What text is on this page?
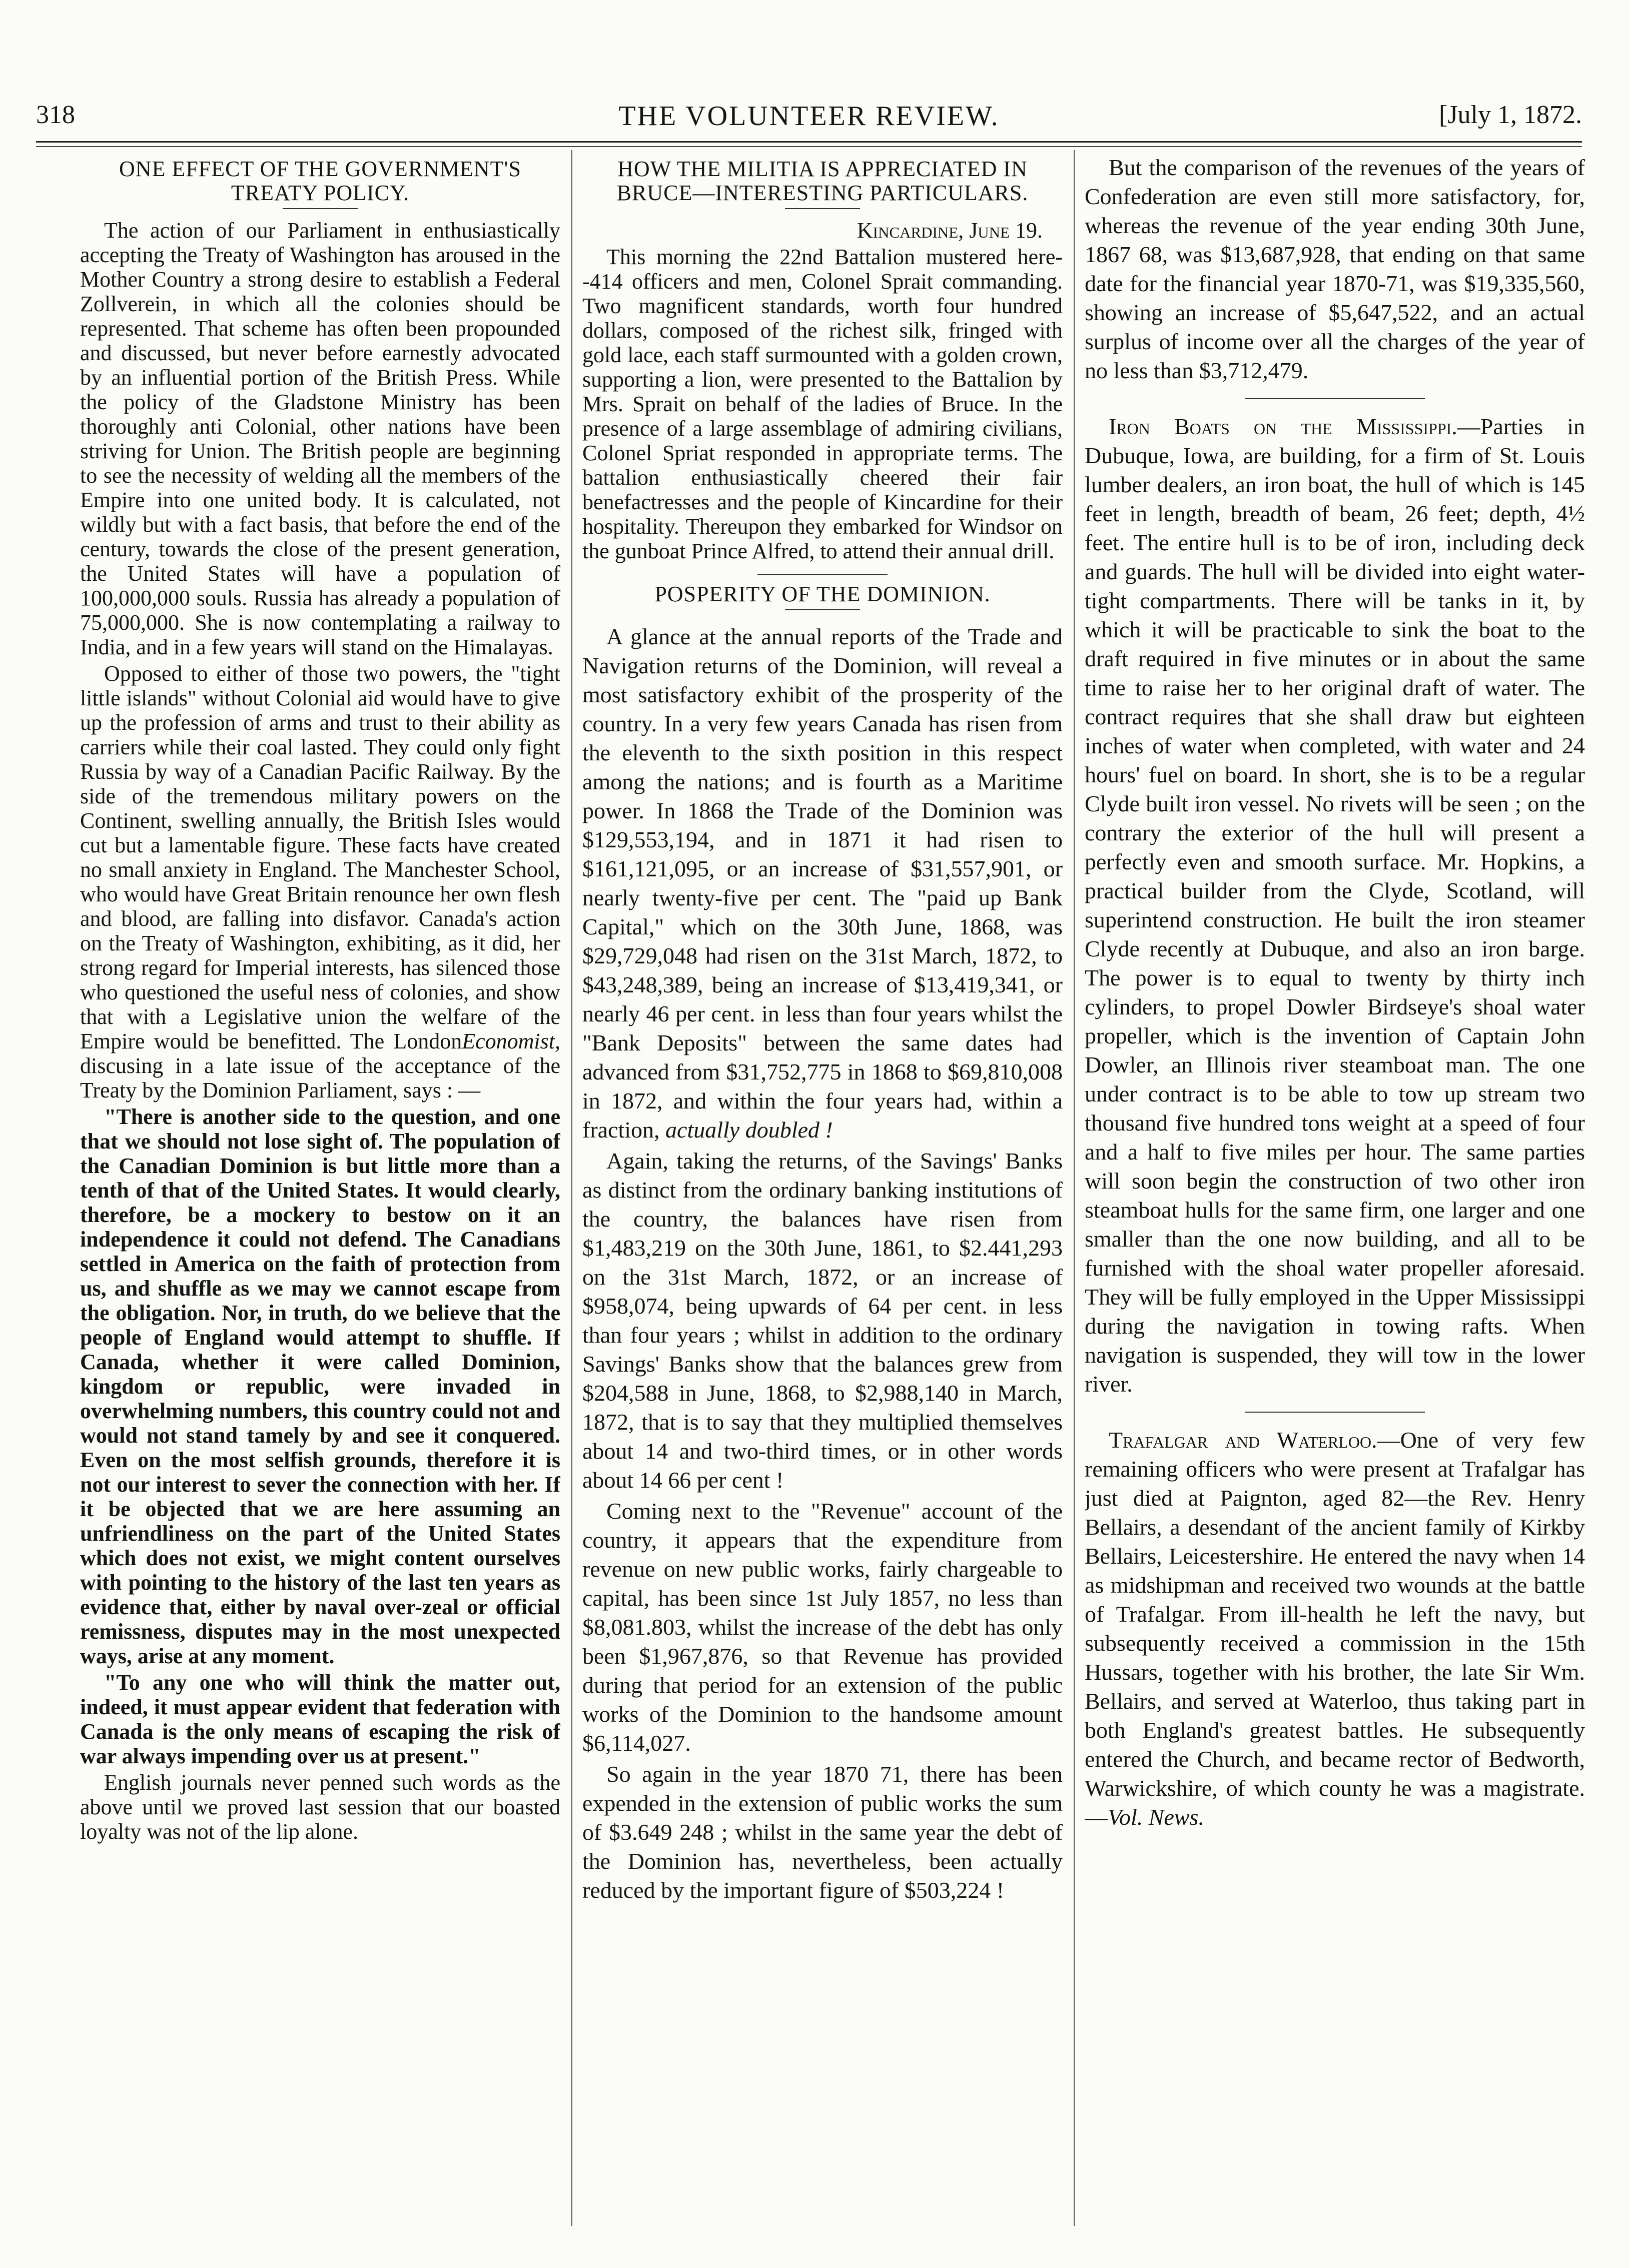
318	THE VOLUNTEER REVIEW.	[July 1, 1872.
ONE EFFECT OF THE GOVERNMENT'S TREATY POLICY.

The action of our Parliament in enthusiastically accepting the Treaty of Washington has aroused in the Mother Country a strong desire to establish a Federal Zollverein, in which all the colonies should be represented. That scheme has often been propounded and discussed, but never before earnestly advocated by an influential portion of the British Press. While the policy of the Gladstone Ministry has been thoroughly anti Colonial, other nations have been striving for Union. The British people are beginning to see the necessity of welding all the members of the Empire into one united body. It is calculated, not wildly but with a fact basis, that before the end of the century, towards the close of the present generation, the United States will have a population of 100,000,000 souls. Russia has already a population of 75,000,000. She is now contemplating a railway to India, and in a few years will stand on the Himalayas.

Opposed to either of those two powers, the "tight little islands" without Colonial aid would have to give up the profession of arms and trust to their ability as carriers while their coal lasted. They could only fight Russia by way of a Canadian Pacific Railway. By the side of the tremendous military powers on the Continent, swelling annually, the British Isles would cut but a lamentable figure. These facts have created no small anxiety in England. The Manchester School, who would have Great Britain renounce her own flesh and blood, are falling into disfavor. Canada's action on the Treaty of Washington, exhibiting, as it did, her strong regard for Imperial interests, has silenced those who questioned the useful ness of colonies, and show that with a Legislative union the welfare of the Empire would be benefitted. The LondonEconomist, discusing in a late issue of the acceptance of the Treaty by the Dominion Parliament, says : —

"There is another side to the question, and one that we should not lose sight of. The population of the Canadian Dominion is but little more than a tenth of that of the United States. It would clearly, therefore, be a mockery to bestow on it an independence it could not defend. The Canadians settled in America on the faith of protection from us, and shuffle as we may we cannot escape from the obligation. Nor, in truth, do we believe that the people of England would attempt to shuffle. If Canada, whether it were called Dominion, kingdom or republic, were invaded in overwhelming numbers, this country could not and would not stand tamely by and see it conquered. Even on the most selfish grounds, therefore it is not our interest to sever the connection with her. If it be objected that we are here assuming an unfriendliness on the part of the United States which does not exist, we might content ourselves with pointing to the history of the last ten years as evidence that, either by naval over-zeal or official remissness, disputes may in the most unexpected ways, arise at any moment.

"To any one who will think the matter out, indeed, it must appear evident that federation with Canada is the only means of escaping the risk of war always impending over us at present."

English journals never penned such words as the above until we proved last session that our boasted loyalty was not of the lip alone.

HOW THE MILITIA IS APPRECIATED IN BRUCE—INTERESTING PARTICULARS.

Kincardine, June 19.

This morning the 22nd Battalion mustered here--414 officers and men, Colonel Sprait commanding. Two magnificent standards, worth four hundred dollars, composed of the richest silk, fringed with gold lace, each staff surmounted with a golden crown, supporting a lion, were presented to the Battalion by Mrs. Sprait on behalf of the ladies of Bruce. In the presence of a large assemblage of admiring civilians, Colonel Spriat responded in appropriate terms. The battalion enthusiastically cheered their fair benefactresses and the people of Kincardine for their hospitality. Thereupon they embarked for Windsor on the gunboat Prince Alfred, to attend their annual drill.

POSPERITY OF THE DOMINION.

A glance at the annual reports of the Trade and Navigation returns of the Dominion, will reveal a most satisfactory exhibit of the prosperity of the country. In a very few years Canada has risen from the eleventh to the sixth position in this respect among the nations; and is fourth as a Maritime power. In 1868 the Trade of the Dominion was $129,553,194, and in 1871 it had risen to $161,121,095, or an increase of $31,557,901, or nearly twenty-five per cent. The "paid up Bank Capital," which on the 30th June, 1868, was $29,729,048 had risen on the 31st March, 1872, to $43,248,389, being an increase of $13,419,341, or nearly 46 per cent. in less than four years whilst the "Bank Deposits" between the same dates had advanced from $31,752,775 in 1868 to $69,810,008 in 1872, and within the four years had, within a fraction, actually doubled !

Again, taking the returns, of the Savings' Banks as distinct from the ordinary banking institutions of the country, the balances have risen from $1,483,219 on the 30th June, 1861, to $2.441,293 on the 31st March, 1872, or an increase of $958,074, being upwards of 64 per cent. in less than four years ; whilst in addition to the ordinary Savings' Banks show that the balances grew from $204,588 in June, 1868, to $2,988,140 in March, 1872, that is to say that they multiplied themselves about 14 and two-third times, or in other words about 14 66 per cent !

Coming next to the "Revenue" account of the country, it appears that the expenditure from revenue on new public works, fairly chargeable to capital, has been since 1st July 1857, no less than $8,081.803, whilst the increase of the debt has only been $1,967,876, so that Revenue has provided during that period for an extension of the public works of the Dominion to the handsome amount $6,114,027.

So again in the year 1870 71, there has been expended in the extension of public works the sum of $3.649 248 ; whilst in the same year the debt of the Dominion has, nevertheless, been actually reduced by the important figure of $503,224 !

But the comparison of the revenues of the years of Confederation are even still more satisfactory, for, whereas the revenue of the year ending 30th June, 1867 68, was $13,687,928, that ending on that same date for the financial year 1870-71, was $19,335,560, showing an increase of $5,647,522, and an actual surplus of income over all the charges of the year of no less than $3,712,479.

Iron Boats on the Mississippi.—Parties in Dubuque, Iowa, are building, for a firm of St. Louis lumber dealers, an iron boat, the hull of which is 145 feet in length, breadth of beam, 26 feet; depth, 4½ feet. The entire hull is to be of iron, including deck and guards. The hull will be divided into eight water-tight compartments. There will be tanks in it, by which it will be practicable to sink the boat to the draft required in five minutes or in about the same time to raise her to her original draft of water. The contract requires that she shall draw but eighteen inches of water when completed, with water and 24 hours' fuel on board. In short, she is to be a regular Clyde built iron vessel. No rivets will be seen ; on the contrary the exterior of the hull will present a perfectly even and smooth surface. Mr. Hopkins, a practical builder from the Clyde, Scotland, will superintend construction. He built the iron steamer Clyde recently at Dubuque, and also an iron barge. The power is to equal to twenty by thirty inch cylinders, to propel Dowler Birdseye's shoal water propeller, which is the invention of Captain John Dowler, an Illinois river steamboat man. The one under contract is to be able to tow up stream two thousand five hundred tons weight at a speed of four and a half to five miles per hour. The same parties will soon begin the construction of two other iron steamboat hulls for the same firm, one larger and one smaller than the one now building, and all to be furnished with the shoal water propeller aforesaid. They will be fully employed in the Upper Mississippi during the navigation in towing rafts. When navigation is suspended, they will tow in the lower river.

Trafalgar and Waterloo.—One of very few remaining officers who were present at Trafalgar has just died at Paignton, aged 82—the Rev. Henry Bellairs, a desendant of the ancient family of Kirkby Bellairs, Leicestershire. He entered the navy when 14 as midshipman and received two wounds at the battle of Trafalgar. From ill-health he left the navy, but subsequently received a commission in the 15th Hussars, together with his brother, the late Sir Wm. Bellairs, and served at Waterloo, thus taking part in both England's greatest battles. He subsequently entered the Church, and became rector of Bedworth, Warwickshire, of which county he was a magistrate.—Vol. News.
